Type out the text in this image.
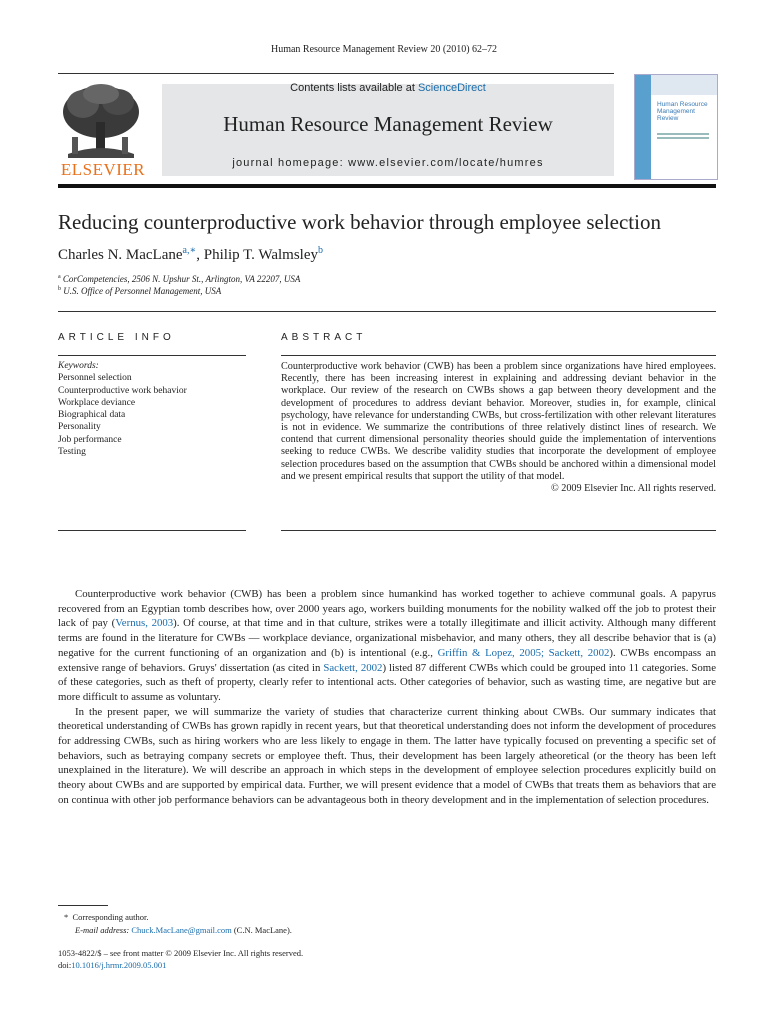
Human Resource Management Review 20 (2010) 62–72
ELSEVIER
Contents lists available at ScienceDirect
Human Resource Management Review
journal homepage: www.elsevier.com/locate/humres
Human Resource Management Review
Reducing counterproductive work behavior through employee selection
Charles N. MacLane$^{a,∗}$, Philip T. Walmsley$^b$
$^a$ CorCompetencies, 2506 N. Upshur St., Arlington, VA 22207, USA
$^b$ U.S. Office of Personnel Management, USA
ARTICLE INFO
Keywords:
Personnel selection
Counterproductive work behavior
Workplace deviance
Biographical data
Personality
Job performance
Testing
ABSTRACT
Counterproductive work behavior (CWB) has been a problem since organizations have hired employees. Recently, there has been increasing interest in explaining and addressing deviant behavior in the workplace. Our review of the research on CWBs shows a gap between theory development and the development of procedures to address deviant behavior. Moreover, studies in, for example, clinical psychology, have relevance for understanding CWBs, but cross-fertilization with other relevant literatures is not in evidence. We summarize the contributions of three relatively distinct lines of research. We contend that current dimensional personality theories should guide the implementation of interventions seeking to reduce CWBs. We describe validity studies that incorporate the development of employee selection procedures based on the assumption that CWBs should be anchored within a dimensional model and we present empirical results that support the utility of that model.
© 2009 Elsevier Inc. All rights reserved.

Counterproductive work behavior (CWB) has been a problem since humankind has worked together to achieve communal goals. A papyrus recovered from an Egyptian tomb describes how, over 2000 years ago, workers building monuments for the nobility walked off the job to protest their lack of pay (Vernus, 2003). Of course, at that time and in that culture, strikes were a totally illegitimate and illicit activity. Although many different terms are found in the literature for CWBs — workplace deviance, organizational misbehavior, and many others, they all describe behavior that is (a) negative for the current functioning of an organization and (b) is intentional (e.g., Griffin & Lopez, 2005; Sackett, 2002). CWBs encompass an extensive range of behaviors. Gruys' dissertation (as cited in Sackett, 2002) listed 87 different CWBs which could be grouped into 11 categories. Some of these categories, such as theft of property, clearly refer to intentional acts. Other categories of behavior, such as wasting time, are negative but are more difficult to assume as voluntary.

In the present paper, we will summarize the variety of studies that characterize current thinking about CWBs. Our summary indicates that theoretical understanding of CWBs has grown rapidly in recent years, but that theoretical understanding does not inform the development of procedures for addressing CWBs, such as hiring workers who are less likely to engage in them. The latter have typically focused on preventing a specific set of behaviors, such as betraying company secrets or employee theft. Thus, their development has been largely atheoretical (or the theory has been left unexplained in the literature). We will describe an approach in which steps in the development of employee selection procedures explicitly build on theory about CWBs and are supported by empirical data. Further, we will present evidence that a model of CWBs that treats them as behaviors that are on continua with other job performance behaviors can be advantageous both in theory development and in the implementation of selection procedures.

* Corresponding author.
E-mail address: Chuck.MacLane@gmail.com (C.N. MacLane).
1053-4822/$ – see front matter © 2009 Elsevier Inc. All rights reserved.
doi:10.1016/j.hrmr.2009.05.001
